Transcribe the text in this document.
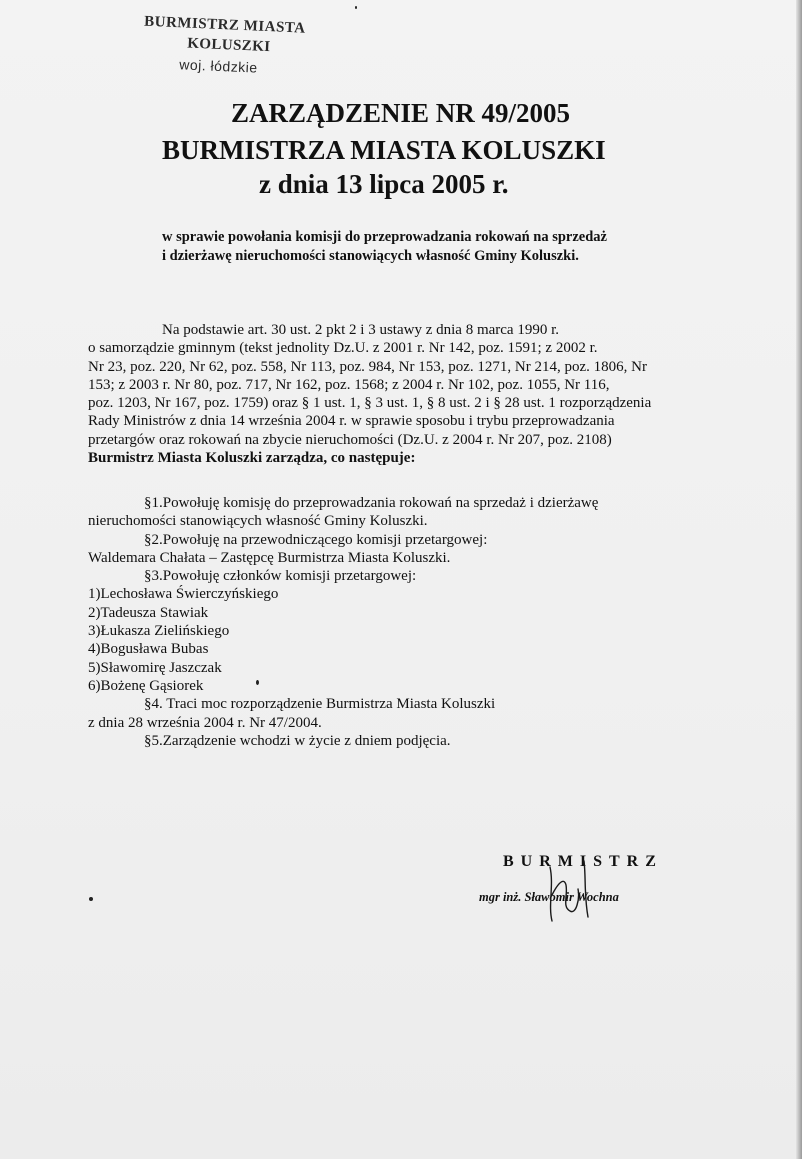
BURMISTRZ MIASTA
KOLUSZKI
woj. łódzkie
ZARZĄDZENIE NR 49/2005
BURMISTRZA MIASTA KOLUSZKI
z dnia 13 lipca 2005 r.
w sprawie powołania komisji do przeprowadzania rokowań na sprzedaż
i dzierżawę nieruchomości stanowiących własność Gminy Koluszki.
Na podstawie art. 30 ust. 2 pkt 2 i 3 ustawy z dnia 8 marca 1990 r.
o samorządzie gminnym (tekst jednolity Dz.U. z 2001 r. Nr 142, poz. 1591; z 2002 r.
Nr 23, poz. 220, Nr 62, poz. 558, Nr 113, poz. 984, Nr 153, poz. 1271, Nr 214, poz. 1806, Nr
153; z 2003 r. Nr 80, poz. 717, Nr 162, poz. 1568; z 2004 r. Nr 102, poz. 1055, Nr 116,
poz. 1203, Nr 167, poz. 1759) oraz § 1 ust. 1, § 3 ust. 1, § 8 ust. 2 i § 28 ust. 1 rozporządzenia
Rady Ministrów z dnia 14 września 2004 r. w sprawie sposobu i trybu przeprowadzania
przetargów oraz rokowań na zbycie nieruchomości (Dz.U. z 2004 r. Nr 207, poz. 2108)
Burmistrz Miasta Koluszki zarządza, co następuje:
§1.Powołuję komisję do przeprowadzania rokowań na sprzedaż i dzierżawę
nieruchomości stanowiących własność Gminy Koluszki.
§2.Powołuję na przewodniczącego komisji przetargowej:
Waldemara Chałata – Zastępcę Burmistrza Miasta Koluszki.
§3.Powołuję członków komisji przetargowej:
1)Lechosława Świerczyńskiego
2)Tadeusza Stawiak
3)Łukasza Zielińskiego
4)Bogusława Bubas
5)Sławomirę Jaszczak
6)Bożenę Gąsiorek
§4. Traci moc rozporządzenie Burmistrza Miasta Koluszki
z dnia 28 września 2004 r. Nr 47/2004.
§5.Zarządzenie wchodzi w życie z dniem podjęcia.
BURMISTRZ
mgr inż. Sławomir Wochna
